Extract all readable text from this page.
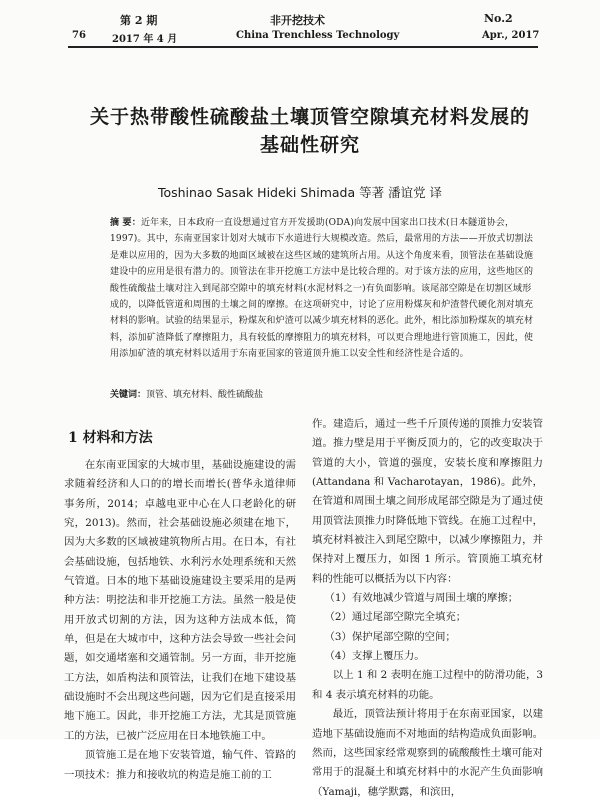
第 2 期	非开挖技术	No.2
76	2017 年 4 月	China Trenchless Technology	Apr., 2017
关于热带酸性硫酸盐土壤顶管空隙填充材料发展的
基础性研究
Toshinao Sasak Hideki Shimada 等著 潘谊党 译
摘 要：近年来，日本政府一直设想通过官方开发援助(ODA)向发展中国家出口技术(日本隧道协会，1997)。其中，东南亚国家计划对大城市下水道进行大规模改造。然后，最常用的方法——开放式切割法是难以应用的，因为大多数的地面区域被在这些区域的建筑所占用。从这个角度来看，顶管法在基础设施建设中的应用是很有潜力的。顶管法在非开挖施工方法中是比较合理的。对于该方法的应用，这些地区的酸性硫酸盐土壤对注入到尾部空隙中的填充材料(水泥材料之一)有负面影响。该尾部空隙是在切割区域形成的，以降低管道和周围的土壤之间的摩擦。在这项研究中，讨论了应用粉煤灰和炉渣替代硬化剂对填充材料的影响。试验的结果显示，粉煤灰和炉渣可以减少填充材料的恶化。此外，相比添加粉煤灰的填充材料，添加矿渣降低了摩擦阻力，具有较低的摩擦阻力的填充材料，可以更合理地进行管顶施工，因此，使用添加矿渣的填充材料以适用于东南亚国家的管道顶升施工以安全性和经济性是合适的。
关键词：顶管、填充材料、酸性硫酸盐
1 材料和方法

在东南亚国家的大城市里，基础设施建设的需求随着经济和人口的的增长而增长(普华永道律师事务所，2014；卓越电亚中心在人口老龄化的研究，2013)。然而，社会基础设施必须建在地下，因为大多数的区域被建筑物所占用。在日本，有社会基础设施，包括地铁、水利污水处理系统和天然气管道。日本的地下基础设施建设主要采用的是两种方法：明挖法和非开挖施工方法。虽然一般是使用开放式切割的方法，因为这种方法成本低，简单，但是在大城市中，这种方法会导致一些社会问题，如交通堵塞和交通管制。另一方面，非开挖施工方法，如盾构法和顶管法，让我们在地下建设基础设施时不会出现这些问题，因为它们是直接采用地下施工。因此，非开挖施工方法，尤其是顶管施工的方法，已被广泛应用在日本地铁施工中。

顶管施工是在地下安装管道，输气件、管路的一项技术：推力和接收坑的构造是施工前的工

作。建造后，通过一些千斤顶传递的顶推力安装管道。推力壁是用于平衡反顶力的，它的改变取决于管道的大小，管道的强度，安装长度和摩擦阻力(Attandana 和 Vacharotayan，1986)。此外，在管道和周围土壤之间形成尾部空隙是为了通过使用顶管法顶推力时降低地下管线。在施工过程中，填充材料被注入到尾空隙中，以减少摩擦阻力，并保持对上覆压力，如图 1 所示。管顶施工填充材料的性能可以概括为以下内容：

（1）有效地减少管道与周围土壤的摩擦；

（2）通过尾部空隙完全填充；

（3）保护尾部空隙的空间；

（4）支撑上覆压力。

以上 1 和 2 表明在施工过程中的防滑功能，3 和 4 表示填充材料的功能。

最近，顶管法预计将用于在东南亚国家，以建造地下基础设施而不对地面的结构造成负面影响。然而，这些国家经常观察到的硫酸酸性土壤可能对常用于的混凝土和填充材料中的水泥产生负面影响（Yamaji，穗学默露，和滨田，
